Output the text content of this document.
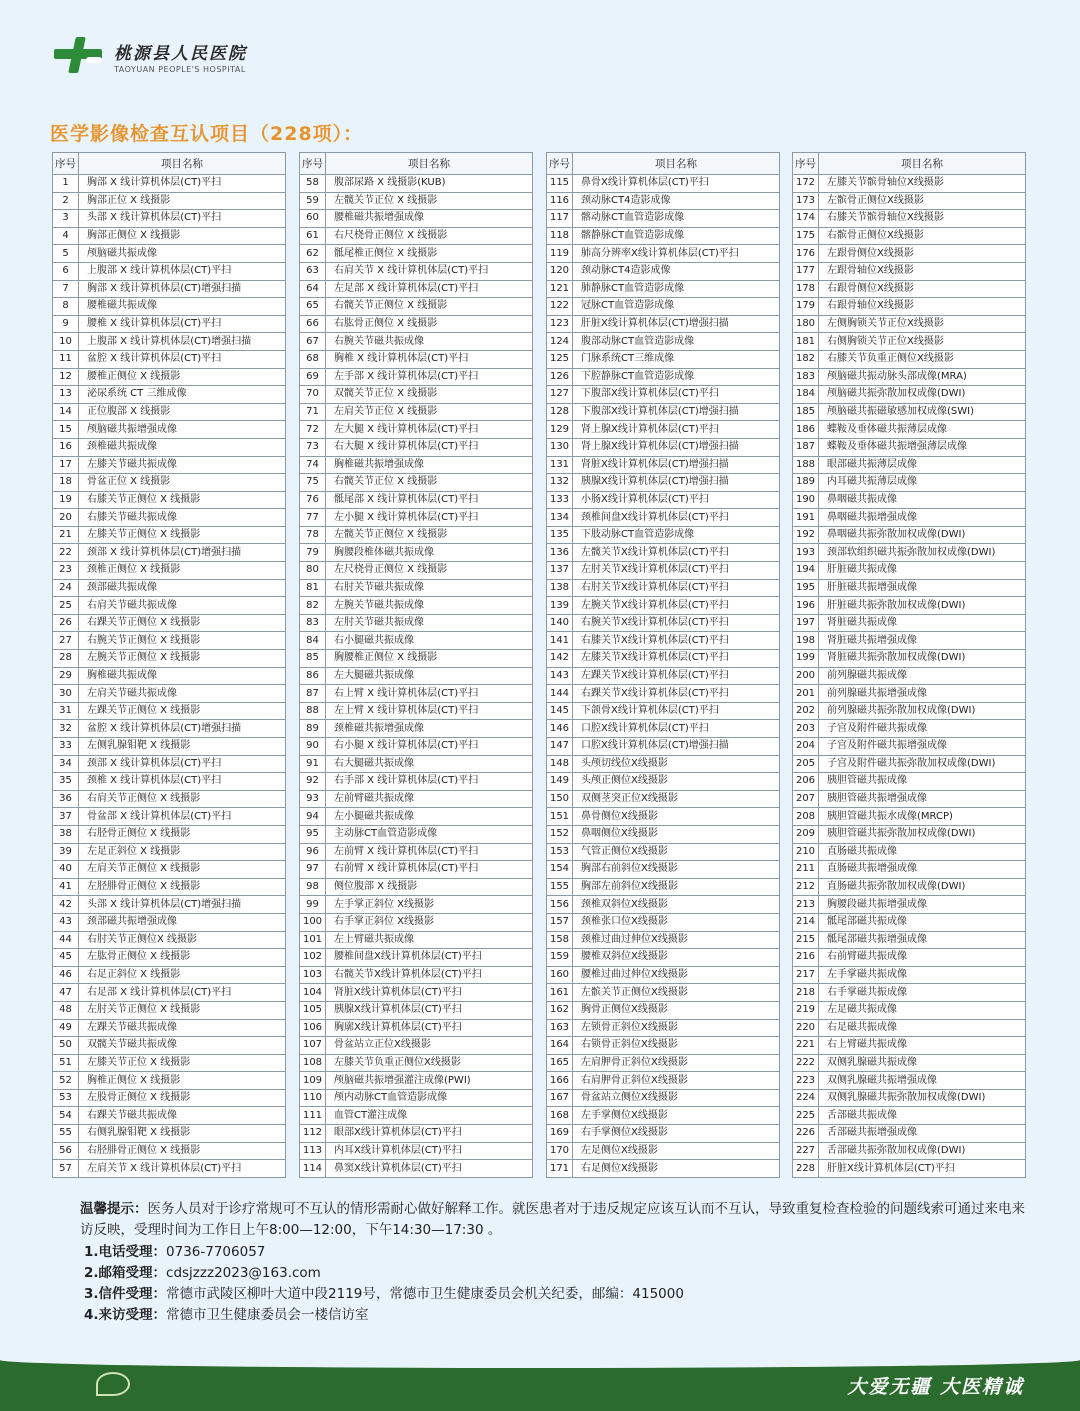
桃源县人民医院
TAOYUAN PEOPLE'S HOSPITAL
医学影像检查互认项目（228项）：
序号	项目名称
1	胸部 X 线计算机体层(CT)平扫
2	胸部正位 X 线摄影
3	头部 X 线计算机体层(CT)平扫
4	胸部正侧位 X 线摄影
5	颅脑磁共振成像
6	上腹部 X 线计算机体层(CT)平扫
7	胸部 X 线计算机体层(CT)增强扫描
8	腰椎磁共振成像
9	腰椎 X 线计算机体层(CT)平扫
10	上腹部 X 线计算机体层(CT)增强扫描
11	盆腔 X 线计算机体层(CT)平扫
12	腰椎正侧位 X 线摄影
13	泌尿系统 CT 三维成像
14	正位腹部 X 线摄影
15	颅脑磁共振增强成像
16	颈椎磁共振成像
17	左膝关节磁共振成像
18	骨盆正位 X 线摄影
19	右膝关节正侧位 X 线摄影
20	右膝关节磁共振成像
21	左膝关节正侧位 X 线摄影
22	颈部 X 线计算机体层(CT)增强扫描
23	颈椎正侧位 X 线摄影
24	颈部磁共振成像
25	右肩关节磁共振成像
26	右踝关节正侧位 X 线摄影
27	右腕关节正侧位 X 线摄影
28	左腕关节正侧位 X 线摄影
29	胸椎磁共振成像
30	左肩关节磁共振成像
31	左踝关节正侧位 X 线摄影
32	盆腔 X 线计算机体层(CT)增强扫描
33	左侧乳腺钼靶 X 线摄影
34	颈部 X 线计算机体层(CT)平扫
35	颈椎 X 线计算机体层(CT)平扫
36	右肩关节正侧位 X 线摄影
37	骨盆部 X 线计算机体层(CT)平扫
38	右胫骨正侧位 X 线摄影
39	左足正斜位 X 线摄影
40	左肩关节正侧位 X 线摄影
41	左胫腓骨正侧位 X 线摄影
42	头部 X 线计算机体层(CT)增强扫描
43	颈部磁共振增强成像
44	右肘关节正侧位X 线摄影
45	左肱骨正侧位 X 线摄影
46	右足正斜位 X 线摄影
47	右足部 X 线计算机体层(CT)平扫
48	左肘关节正侧位 X 线摄影
49	左踝关节磁共振成像
50	双髋关节磁共振成像
51	左膝关节正位 X 线摄影
52	胸椎正侧位 X 线摄影
53	左股骨正侧位 X 线摄影
54	右踝关节磁共振成像
55	右侧乳腺钼靶 X 线摄影
56	右胫腓骨正侧位 X 线摄影
57	左肩关节 X 线计算机体层(CT)平扫
序号	项目名称
58	腹部尿路 X 线摄影(KUB)
59	左髋关节正位 X 线摄影
60	腰椎磁共振增强成像
61	右尺桡骨正侧位 X 线摄影
62	骶尾椎正侧位 X 线摄影
63	右肩关节 X 线计算机体层(CT)平扫
64	左足部 X 线计算机体层(CT)平扫
65	右髋关节正侧位 X 线摄影
66	右肱骨正侧位 X 线摄影
67	右腕关节磁共振成像
68	胸椎 X 线计算机体层(CT)平扫
69	左手部 X 线计算机体层(CT)平扫
70	双髋关节正位 X 线摄影
71	左肩关节正位 X 线摄影
72	左大腿 X 线计算机体层(CT)平扫
73	右大腿 X 线计算机体层(CT)平扫
74	胸椎磁共振增强成像
75	右髋关节正位 X 线摄影
76	骶尾部 X 线计算机体层(CT)平扫
77	左小腿 X 线计算机体层(CT)平扫
78	左髋关节正侧位 X 线摄影
79	胸腰段椎体磁共振成像
80	左尺桡骨正侧位 X 线摄影
81	右肘关节磁共振成像
82	左腕关节磁共振成像
83	左肘关节磁共振成像
84	右小腿磁共振成像
85	胸腰椎正侧位 X 线摄影
86	左大腿磁共振成像
87	右上臂 X 线计算机体层(CT)平扫
88	左上臂 X 线计算机体层(CT)平扫
89	颈椎磁共振增强成像
90	右小腿 X 线计算机体层(CT)平扫
91	右大腿磁共振成像
92	右手部 X 线计算机体层(CT)平扫
93	左前臂磁共振成像
94	左小腿磁共振成像
95	主动脉CT血管造影成像
96	左前臂 X 线计算机体层(CT)平扫
97	右前臂 X 线计算机体层(CT)平扫
98	侧位腹部 X 线摄影
99	左手掌正斜位 X线摄影
100	右手掌正斜位 X线摄影
101	左上臂磁共振成像
102	腰椎间盘X线计算机体层(CT)平扫
103	右髋关节X线计算机体层(CT)平扫
104	肾脏X线计算机体层(CT)平扫
105	胰腺X线计算机体层(CT)平扫
106	胸廓X线计算机体层(CT)平扫
107	骨盆站立正位X线摄影
108	左膝关节负重正侧位X线摄影
109	颅脑磁共振增强灌注成像(PWI)
110	颅内动脉CT血管造影成像
111	血管CT灌注成像
112	眼部X线计算机体层(CT)平扫
113	内耳X线计算机体层(CT)平扫
114	鼻窦X线计算机体层(CT)平扫
序号	项目名称
115	鼻骨X线计算机体层(CT)平扫
116	颈动脉CT4造影成像
117	髂动脉CT血管造影成像
118	髂静脉CT血管造影成像
119	肺高分辨率X线计算机体层(CT)平扫
120	颈动脉CT4造影成像
121	肺静脉CT血管造影成像
122	冠脉CT血管造影成像
123	肝脏X线计算机体层(CT)增强扫描
124	腹部动脉CT血管造影成像
125	门脉系统CT三维成像
126	下腔静脉CT血管造影成像
127	下腹部X线计算机体层(CT)平扫
128	下腹部X线计算机体层(CT)增强扫描
129	肾上腺X线计算机体层(CT)平扫
130	肾上腺X线计算机体层(CT)增强扫描
131	肾脏X线计算机体层(CT)增强扫描
132	胰腺X线计算机体层(CT)增强扫描
133	小肠X线计算机体层(CT)平扫
134	颈椎间盘X线计算机体层(CT)平扫
135	下肢动脉CT血管造影成像
136	左髋关节X线计算机体层(CT)平扫
137	左肘关节X线计算机体层(CT)平扫
138	右肘关节X线计算机体层(CT)平扫
139	左腕关节X线计算机体层(CT)平扫
140	右腕关节X线计算机体层(CT)平扫
141	右膝关节X线计算机体层(CT)平扫
142	左膝关节X线计算机体层(CT)平扫
143	左踝关节X线计算机体层(CT)平扫
144	右踝关节X线计算机体层(CT)平扫
145	下颌骨X线计算机体层(CT)平扫
146	口腔X线计算机体层(CT)平扫
147	口腔X线计算机体层(CT)增强扫描
148	头颅切线位X线摄影
149	头颅正侧位X线摄影
150	双侧茎突正位X线摄影
151	鼻骨侧位X线摄影
152	鼻咽侧位X线摄影
153	气管正侧位X线摄影
154	胸部右前斜位X线摄影
155	胸部左前斜位X线摄影
156	颈椎双斜位X线摄影
157	颈椎张口位X线摄影
158	颈椎过曲过伸位X线摄影
159	腰椎双斜位X线摄影
160	腰椎过曲过伸位X线摄影
161	左髌关节正侧位X线摄影
162	胸骨正侧位X线摄影
163	左锁骨正斜位X线摄影
164	右锁骨正斜位X线摄影
165	左肩胛骨正斜位X线摄影
166	右肩胛骨正斜位X线摄影
167	骨盆站立侧位X线摄影
168	左手掌侧位X线摄影
169	右手掌侧位X线摄影
170	左足侧位X线摄影
171	右足侧位X线摄影
序号	项目名称
172	左膝关节髌骨轴位X线摄影
173	左髌骨正侧位X线摄影
174	右膝关节髌骨轴位X线摄影
175	右髌骨正侧位X线摄影
176	左跟骨侧位X线摄影
177	左跟骨轴位X线摄影
178	右跟骨侧位X线摄影
179	右跟骨轴位X线摄影
180	左侧胸锁关节正位X线摄影
181	右侧胸锁关节正位X线摄影
182	右膝关节负重正侧位X线摄影
183	颅脑磁共振动脉头部成像(MRA)
184	颅脑磁共振弥散加权成像(DWI)
185	颅脑磁共振磁敏感加权成像(SWI)
186	蝶鞍及垂体磁共振薄层成像
187	蝶鞍及垂体磁共振增强薄层成像
188	眼部磁共振薄层成像
189	内耳磁共振薄层成像
190	鼻咽磁共振成像
191	鼻咽磁共振增强成像
192	鼻咽磁共振弥散加权成像(DWI)
193	颈部软组织磁共振弥散加权成像(DWI)
194	肝脏磁共振成像
195	肝脏磁共振增强成像
196	肝脏磁共振弥散加权成像(DWI)
197	肾脏磁共振成像
198	肾脏磁共振增强成像
199	肾脏磁共振弥散加权成像(DWI)
200	前列腺磁共振成像
201	前列腺磁共振增强成像
202	前列腺磁共振弥散加权成像(DWI)
203	子宫及附件磁共振成像
204	子宫及附件磁共振增强成像
205	子宫及附件磁共振弥散加权成像(DWI)
206	胰胆管磁共振成像
207	胰胆管磁共振增强成像
208	胰胆管磁共振水成像(MRCP)
209	胰胆管磁共振弥散加权成像(DWI)
210	直肠磁共振成像
211	直肠磁共振增强成像
212	直肠磁共振弥散加权成像(DWI)
213	胸腰段磁共振增强成像
214	骶尾部磁共振成像
215	骶尾部磁共振增强成像
216	右前臂磁共振成像
217	左手掌磁共振成像
218	右手掌磁共振成像
219	左足磁共振成像
220	右足磁共振成像
221	右上臂磁共振成像
222	双侧乳腺磁共振成像
223	双侧乳腺磁共振增强成像
224	双侧乳腺磁共振弥散加权成像(DWI)
225	舌部磁共振成像
226	舌部磁共振增强成像
227	舌部磁共振弥散加权成像(DWI)
228	肝脏X线计算机体层(CT)平扫
温馨提示：医务人员对于诊疗常规可不互认的情形需耐心做好解释工作。就医患者对于违反规定应该互认而不互认，导致重复检查检验的问题线索可通过来电来访反映，受理时间为工作日上午8:00—12:00，下午14:30—17:30 。
1.电话受理：0736-7706057
2.邮箱受理：cdsjzzz2023@163.com
3.信件受理：常德市武陵区柳叶大道中段2119号，常德市卫生健康委员会机关纪委，邮编：415000
4.来访受理：常德市卫生健康委员会一楼信访室
大爱无疆 大医精诚
